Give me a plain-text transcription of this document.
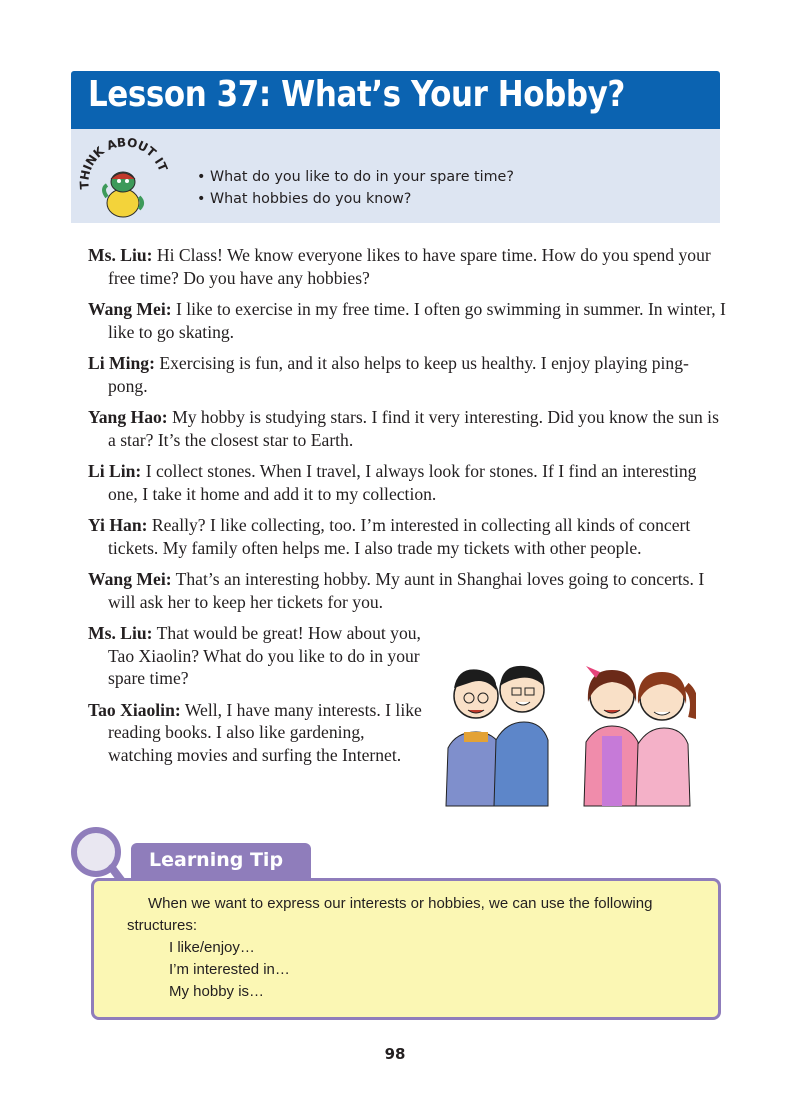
Lesson 37: What’s Your Hobby?
THINK ABOUT IT
• What do you like to do in your spare time?
• What hobbies do you know?

Ms. Liu: Hi Class! We know everyone likes to have spare time. How do you spend your free time? Do you have any hobbies?

Wang Mei: I like to exercise in my free time. I often go swimming in summer. In winter, I like to go skating.

Li Ming: Exercising is fun, and it also helps to keep us healthy. I enjoy playing ping-pong.

Yang Hao: My hobby is studying stars. I find it very interesting. Did you know the sun is a star? It’s the closest star to Earth.

Li Lin: I collect stones. When I travel, I always look for stones. If I find an interesting one, I take it home and add it to my collection.

Yi Han: Really? I like collecting, too. I’m interested in collecting all kinds of concert tickets. My family often helps me. I also trade my tickets with other people.

Wang Mei: That’s an interesting hobby. My aunt in Shanghai loves going to concerts. I will ask her to keep her tickets for you.

Ms. Liu: That would be great! How about you, Tao Xiaolin? What do you like to do in your spare time?

Tao Xiaolin: Well, I have many interests. I like reading books. I also like gardening, watching movies and surfing the Internet.

Learning Tip
When we want to express our interests or hobbies, we can use the following structures:
I like/enjoy…
I’m interested in…
My hobby is…
98
